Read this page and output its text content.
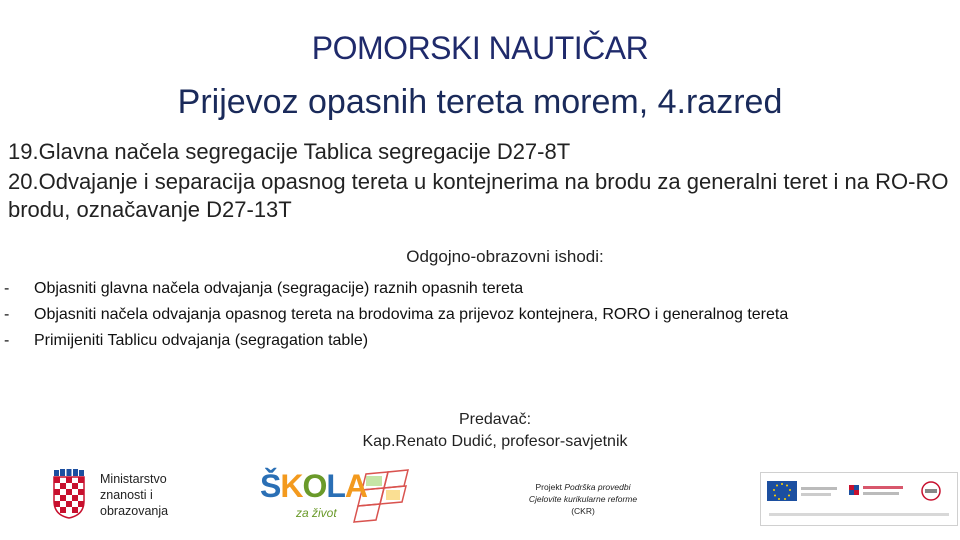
POMORSKI NAUTIČAR
Prijevoz opasnih tereta morem, 4.razred
19.Glavna načela segregacije Tablica segregacije D27-8T
20.Odvajanje i separacija opasnog tereta u kontejnerima na brodu za generalni teret i na RO-RO brodu, označavanje D27-13T
Odgojno-obrazovni ishodi:
- Objasniti glavna načela odvajanja (segragacije) raznih opasnih tereta
- Objasniti načela odvajanja opasnog tereta na brodovima za prijevoz kontejnera, RORO i generalnog tereta
- Primijeniti Tablicu odvajanja (segragation table)
Predavač:
Kap.Renato Dudić, profesor-savjetnik
Ministarstvo
znanosti i
obrazovanja
ŠKOLA
za život
Projekt Podrška provedbi Cjelovite kurikularne reforme (CKR)
